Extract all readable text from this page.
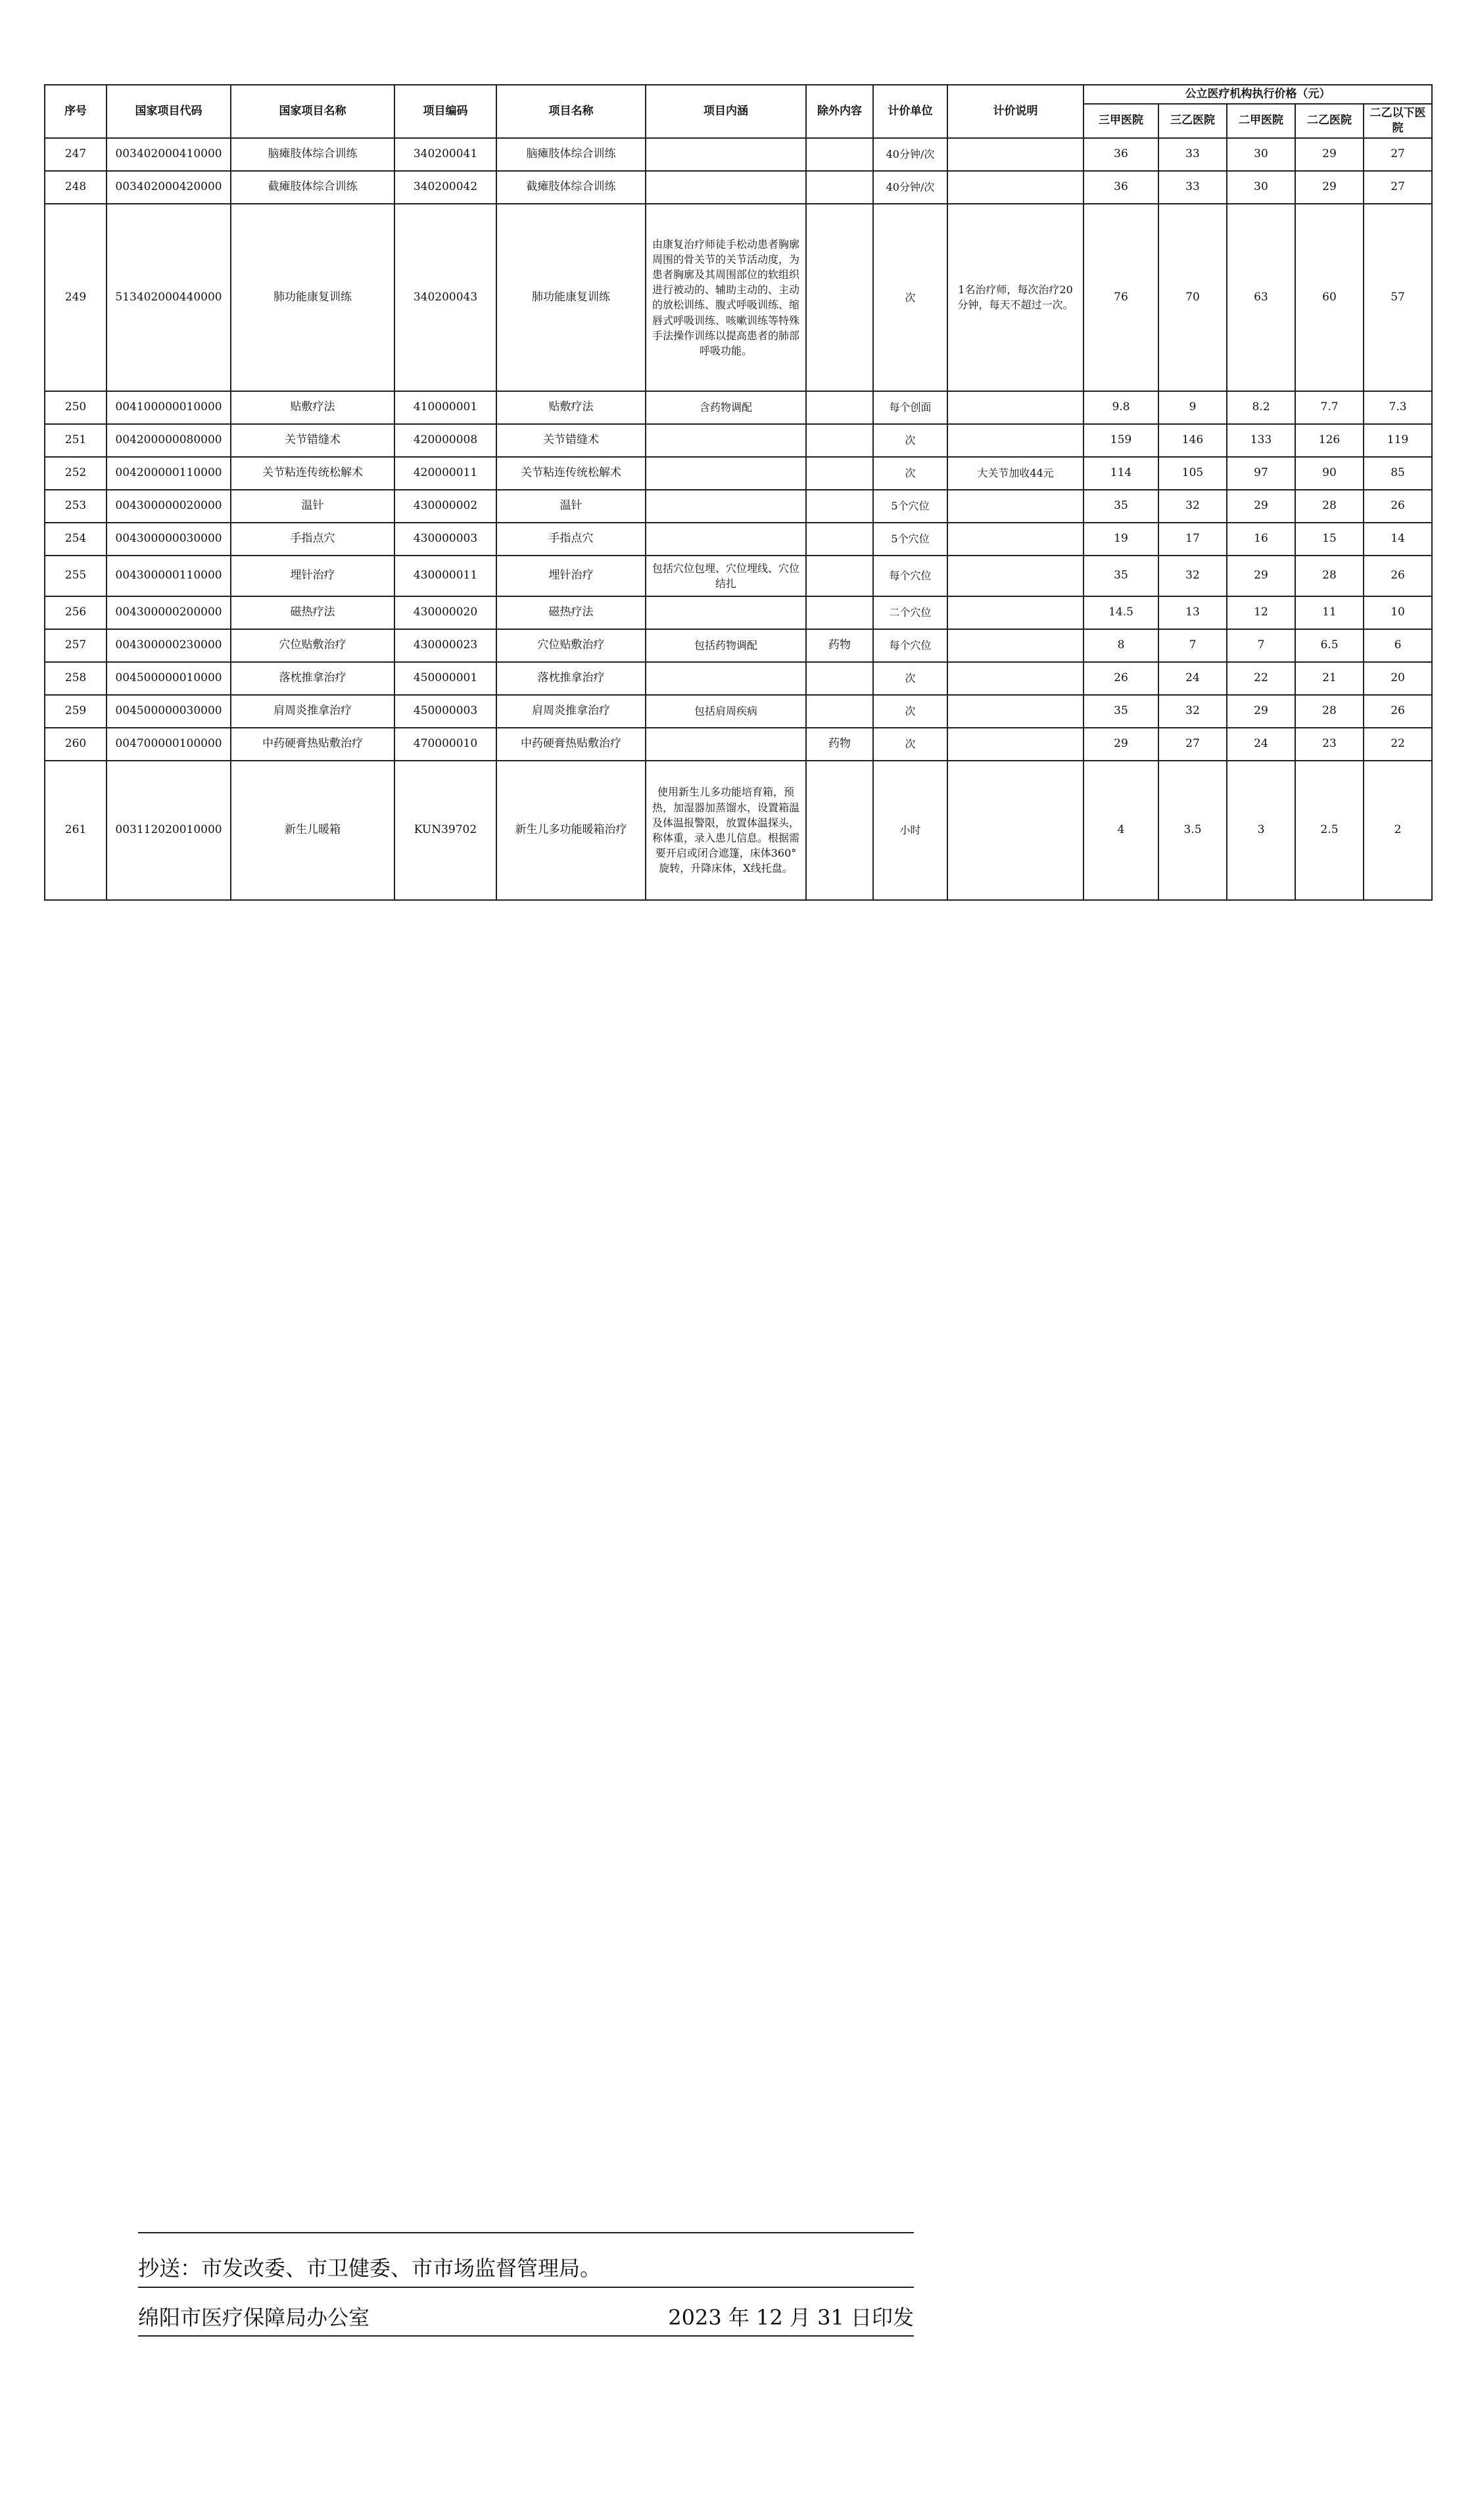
序号	国家项目代码	国家项目名称	项目编码	项目名称	项目内涵	除外内容	计价单位	计价说明	公立医疗机构执行价格（元）				
									三甲医院	三乙医院	二甲医院	二乙医院	二乙以下医院
247	003402000410000	脑瘫肢体综合训练	340200041	脑瘫肢体综合训练			40分钟/次		36	33	30	29	27
248	003402000420000	截瘫肢体综合训练	340200042	截瘫肢体综合训练			40分钟/次		36	33	30	29	27
249	513402000440000	肺功能康复训练	340200043	肺功能康复训练	由康复治疗师徒手松动患者胸廓周围的骨关节的关节活动度，为患者胸廓及其周围部位的软组织进行被动的、辅助主动的、主动的放松训练、腹式呼吸训练、缩唇式呼吸训练、咳嗽训练等特殊手法操作训练以提高患者的肺部呼吸功能。		次	1名治疗师，每次治疗20分钟，每天不超过一次。	76	70	63	60	57
250	004100000010000	贴敷疗法	410000001	贴敷疗法	含药物调配		每个创面		9.8	9	8.2	7.7	7.3
251	004200000080000	关节错缝术	420000008	关节错缝术			次		159	146	133	126	119
252	004200000110000	关节粘连传统松解术	420000011	关节粘连传统松解术			次	大关节加收44元	114	105	97	90	85
253	004300000020000	温针	430000002	温针			5个穴位		35	32	29	28	26
254	004300000030000	手指点穴	430000003	手指点穴			5个穴位		19	17	16	15	14
255	004300000110000	埋针治疗	430000011	埋针治疗	包括穴位包埋、穴位埋线、穴位结扎		每个穴位		35	32	29	28	26
256	004300000200000	磁热疗法	430000020	磁热疗法			二个穴位		14.5	13	12	11	10
257	004300000230000	穴位贴敷治疗	430000023	穴位贴敷治疗	包括药物调配	药物	每个穴位		8	7	7	6.5	6
258	004500000010000	落枕推拿治疗	450000001	落枕推拿治疗			次		26	24	22	21	20
259	004500000030000	肩周炎推拿治疗	450000003	肩周炎推拿治疗	包括肩周疾病		次		35	32	29	28	26
260	004700000100000	中药硬膏热贴敷治疗	470000010	中药硬膏热贴敷治疗		药物	次		29	27	24	23	22
261	003112020010000	新生儿暖箱	KUN39702	新生儿多功能暖箱治疗	使用新生儿多功能培育箱，预热，加湿器加蒸馏水，设置箱温及体温报警限，放置体温探头，称体重，录入患儿信息。根据需要开启或闭合遮篷，床体360°旋转，升降床体，X线托盘。		小时		4	3.5	3	2.5	2
抄送：市发改委、市卫健委、市市场监督管理局。
绵阳市医疗保障局办公室	2023 年 12 月 31 日印发
